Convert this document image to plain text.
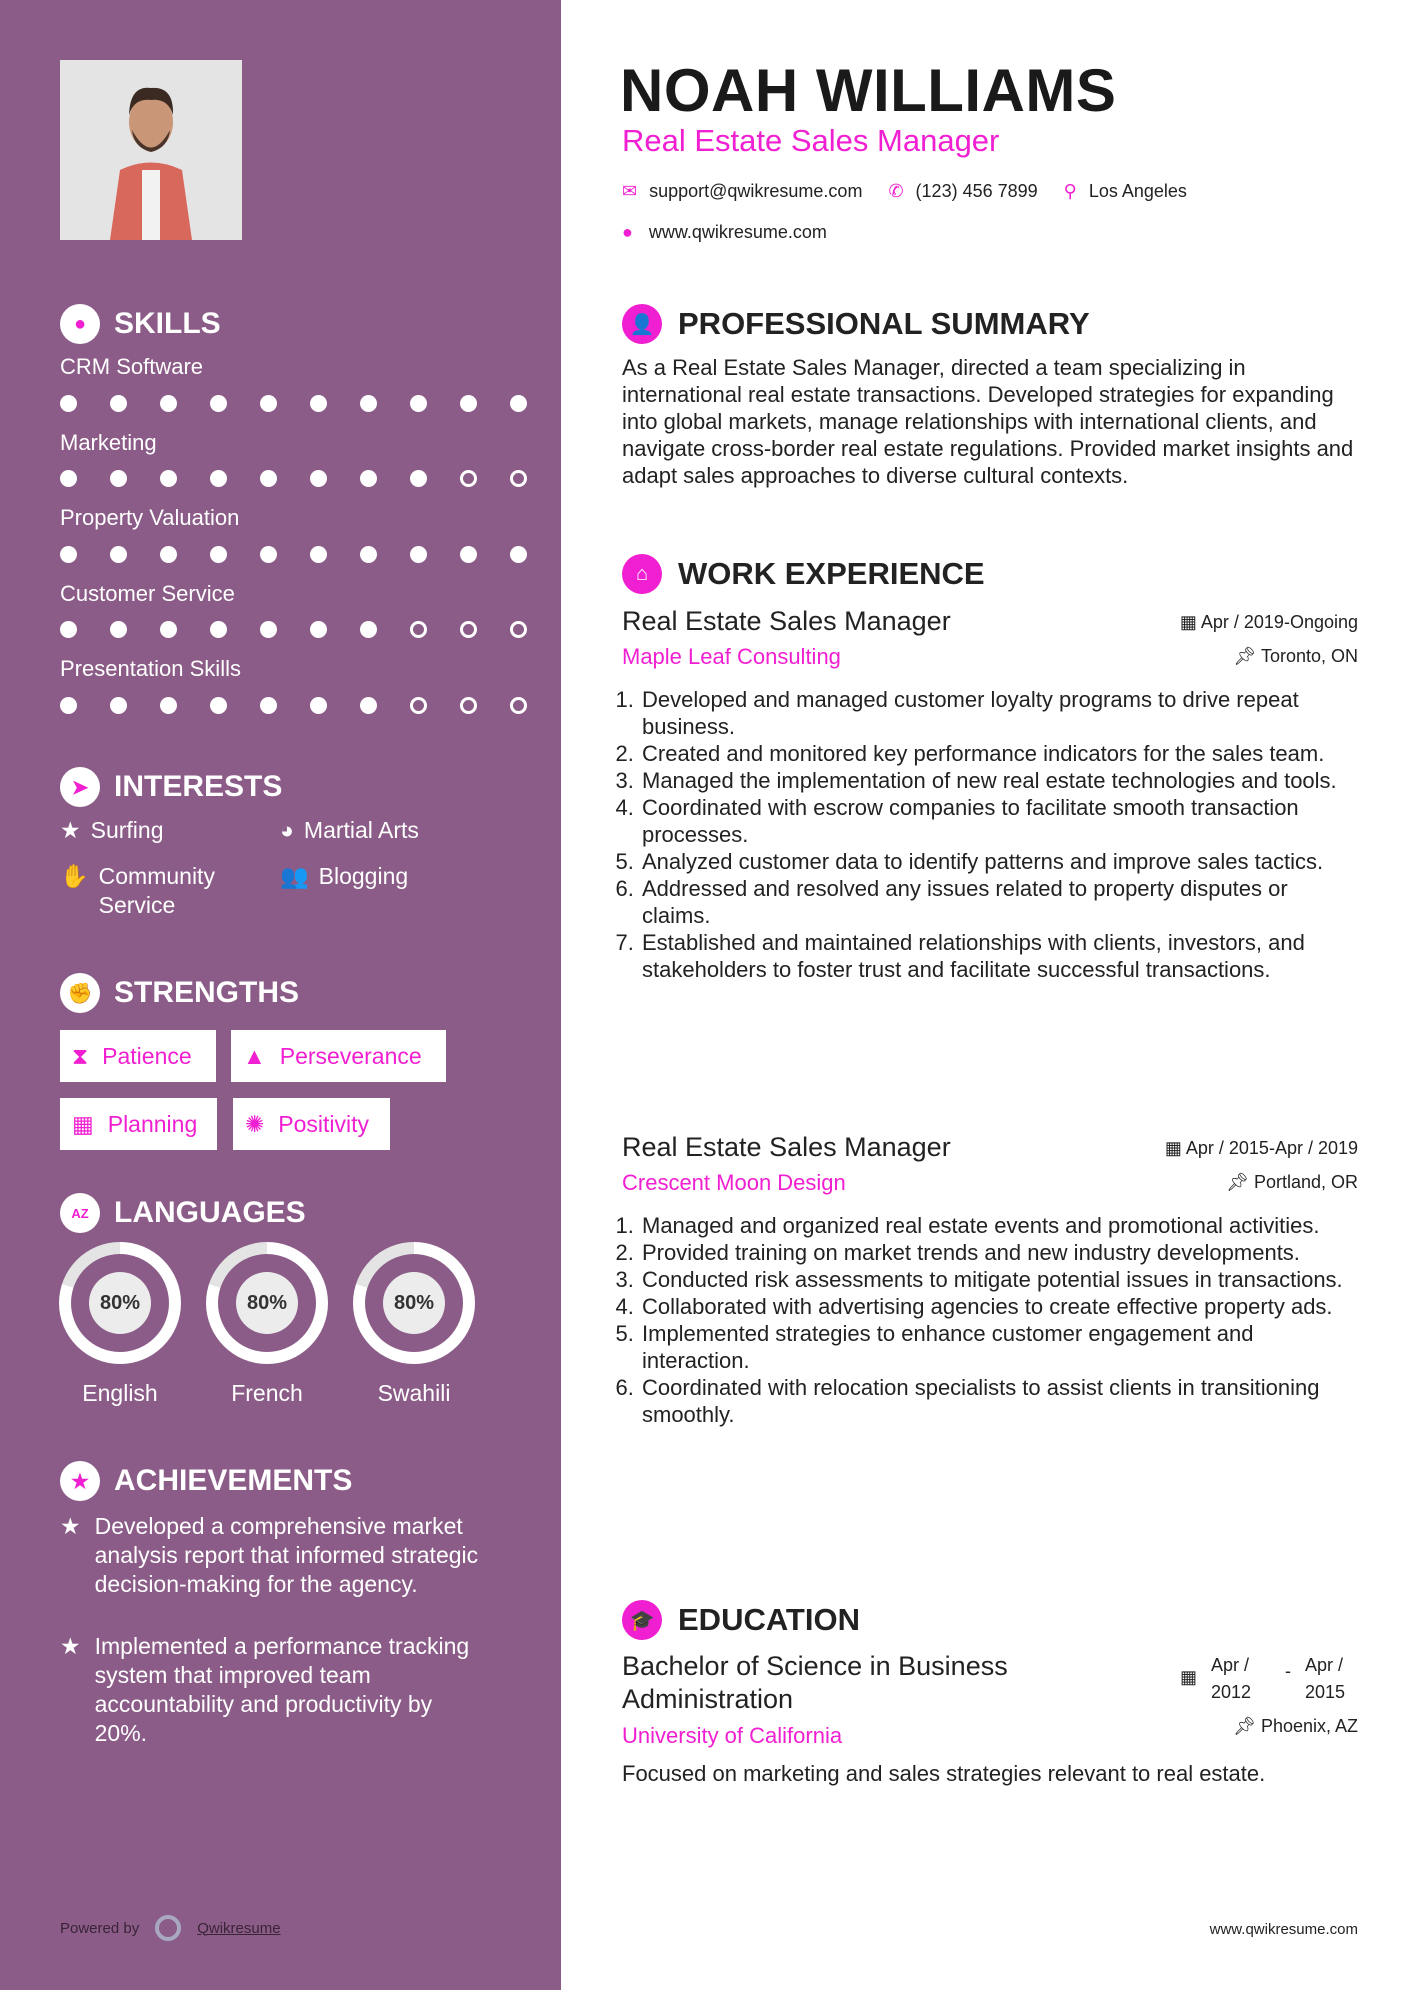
● SKILLS
CRM Software
Marketing
Property Valuation
Customer Service
Presentation Skills
➤ INTERESTS
★ Surfing	◕ Martial Arts
✋ Community Service
👥 Blogging
✊ STRENGTHS
⧗ Patience ▲ Perseverance
▦ Planning ✺ Positivity
AZ LANGUAGES
80%
English
80%
French
80%
Swahili
★ ACHIEVEMENTS
★ Developed a comprehensive market analysis report that informed strategic decision-making for the agency.
★ Implemented a performance tracking system that improved team accountability and productivity by 20%.
Powered by	Qwikresume
NOAH WILLIAMS
Real Estate Sales Manager
✉ support@qwikresume.com ✆ (123) 456 7899 ⚲ Los Angeles
● www.qwikresume.com
👤 PROFESSIONAL SUMMARY
As a Real Estate Sales Manager, directed a team specializing in international real estate transactions. Developed strategies for expanding into global markets, manage relationships with international clients, and navigate cross-border real estate regulations. Provided market insights and adapt sales approaches to diverse cultural contexts.
⌂ WORK EXPERIENCE
Real Estate Sales Manager	▦ Apr / 2019-Ongoing
Maple Leaf Consulting	📌︎ Toronto, ON
1. Developed and managed customer loyalty programs to drive repeat business.
2. Created and monitored key performance indicators for the sales team.
3. Managed the implementation of new real estate technologies and tools.
4. Coordinated with escrow companies to facilitate smooth transaction processes.
5. Analyzed customer data to identify patterns and improve sales tactics.
6. Addressed and resolved any issues related to property disputes or claims.
7. Established and maintained relationships with clients, investors, and stakeholders to foster trust and facilitate successful transactions.
Real Estate Sales Manager	▦ Apr / 2015-Apr / 2019
Crescent Moon Design	📌︎ Portland, OR
1. Managed and organized real estate events and promotional activities.
2. Provided training on market trends and new industry developments.
3. Conducted risk assessments to mitigate potential issues in transactions.
4. Collaborated with advertising agencies to create effective property ads.
5. Implemented strategies to enhance customer engagement and interaction.
6. Coordinated with relocation specialists to assist clients in transitioning smoothly.
🎓 EDUCATION
Bachelor of Science in Business Administration
▦
Apr / 2012
- Apr / 2015
University of California	📌︎ Phoenix, AZ
Focused on marketing and sales strategies relevant to real estate.
www.qwikresume.com
